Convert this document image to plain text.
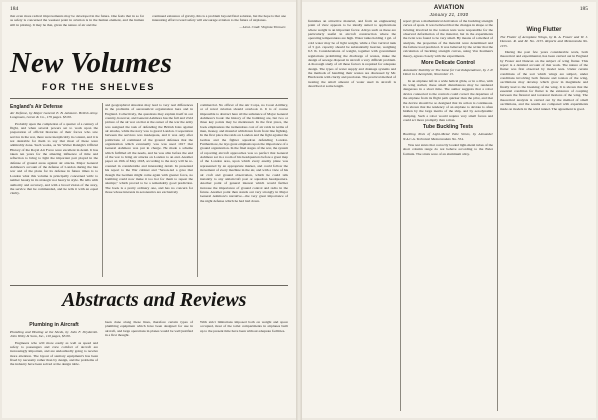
184

that even more radical improvements may be developed in the future. One feels that in so far as safety is concerned the weakest point in aviation is in the human element, and the human still in piloting. It may be that, given the nature of air and the

continued existence of gravity, this is a problem beyond final solution, but the hope is that one interesting effort toward safety will encourage aviation to the future of airplanes.

—Lieut. Cmdr. Virginia Thrower.

New Volumes
FOR THE SHELVES
England's Air Defense
Air Defense, by Major General E. B. Ashmore. British Army. Longmans, Green & Co., 179 pages. $3.00.

Probably upon the completion of a quarter of a century of flight, and when several powers set to work upon the preparation of official histories of their forces who saw service in the war, there were inexplicably in content, and it is not desirable for them to say that most of these were admirably done. Such works, as Sir Walter Raleigh's Official History of the Royal Air Force were excellent in detail. It has taken ten years for the amazing influence of time and reflection to bring to light the important part played in the defense of ground areas against air attacks. Major General Ashmore's account of the defense of London during the late war and of the plans for its defense in future times is to London what this volume is principally concerned with: to neither beauty in its strategic nor heavy in style. He tells with authority and accuracy, and with a broad vision of the story, the service that he commanded, and he tells it with an equal clarity.

and geographical situation may lead to very real differences in the problems of aeronautical organization here and in England. Collectively, the questions may explain itself in our country, however, and General Ashmore has the full and vivid picture of the air war on that at the outset of the war the army was assigned the task of defending the British Isles against air attacks, while the navy was to guard London. Cooperation between the services was inadequate, and it was only after politicians of command of the ground defenses that the organization which eventually was was used 1917 that General Ashmore was put in charge. He made a scheme which fulfilled all the needs, and he was able before the end of the war to bring air attacks on London to an end. Another paper on 19th of May 1918, according to the story will be re-counted in considerable and interesting detail. In presented his report to the War cabinet and "Saxon-led a gave that though the German might come again with greater force, no bombing could now make it too hot for them to repeat the attempt," which proved to be a remarkably good prediction. The book is a pretty ordinary one, and has no concern for those whose interests in aeronautics are exclusively

commercial. No officer of the Air Corps, no Coast Artillery, or of naval aviation should overlook it. It is of course impossible to abstract here all the substance of Major General Ashmore's book: the history of the bombing are, but two or three key points may be mentioned. In the first place, the book emphasizes the tremendous cost of air raids in terms of men, money, and material withdrawn from front line fighting. In the first place the raids on London and the fight against the Gothas and the fighter squadron defending London. Furthermore, he lays great emphasis upon the importance of a ground organization. In the final stages of the war, the system of reporting aircraft approaches was so perfect that General Ashmore sat in a room of his headquarters before a great map of the London area, upon which every enemy plane was represented by an appropriate marker, and could follow the movement of every machine in the air, and with a view of his air craft and ground observation, which he could talk instantly to any antiaircraft post or squadron headquarters. Another point of general interest which would further increase the importance of ground control and radio in the future. Another point then stands out very strongly in Major General Ashmore's narrative—the very great importance of the night defense which he had laid down.

Abstracts and Reviews
Plumbing in Aircraft
Plumbing and Heating at the Sheds, by John F. Dryderoth. John Wiley & Sons, Inc., 110 pages, $3.00.

Engineers who will more easily as well as speed and safety to passengers and crew comfort of aircraft are increasingly important, and are undoubtedly going to receive more attention. The layout of sanitary equipment's has been fixed by necessity rather than by design, and the problems of the industry have been solved at the design table.

been done along these lines, therefore certain types of plumbing equipment which have been designed for use in aircraft, and large operations in planes would be well justified in a first thought.

With strict limitations imposed both on weight and space occupied, most of the toilet compartments in airplanes built up to the present time have been without adequate facilities.

AVIATION
January 21, 1930
185

furnishes an attractive material, and from an engineering point of view appears to be ideally suited to applications where weight is an important factor. Alloys such as these are particularly useful in aircraft construction where the operating temperatures are high. Water tanks holding 1 gal. of cold water may be of light weight, while a five vertical tank of 5 gal. capacity should be substantially heavier, weighing 6.3 lb. Considerations of weight, together with government regulations prohibiting the discharge of wastes, make the design of sewage disposal in aircraft a very difficult problem. A thorough study of all these factors is required for adequate design. The types of water supply and drainage systems and the methods of handling their wastes are discussed by Mr. Hardcastle with clarity and precision. The practical method of treating the small amount of water used in aircraft is described at some length.

report gives a mathematical derivation of the buckling strength curves of spars. It was believed that the changes in shape or the twisting involved in the torsion tests were responsible for the observed deformation of the material, but in the experiments the twist was found to be very small. By means of a method of analysis, the properties of the material were determined and the failure load predicted. It was believed by the writer that the calculation of buckling strength curves, using Von Karman's theory, agrees closely with the experiments.

More Delicate Control
Automatic Stability or The Same for Cat Independence, by J. P. Dinol in L'Aerophile, November 15.

In an airplane left in a wide helical glide, or in a dive, with its wing stalled, these small disturbances may be rendered dangerous in a short time. The author suggests that a robot device connected to the controls could correct the departure of the airplane from its flight path quicker than the pilot, and that the device should be so designed that its action is continuous. It is shown that the tendency of an airplane to deviate is often hidden by the large inertia of the ship, and by aerodynamic damping. Such a robot would require very small forces and could act more promptly than a man.

Tube Buckling Tests
Buckling Tests of Light-Metal Tube Struts, by Alexander N.A.C.A. Technical Memorandum No. 554.

Was test struts that correctly loaded light-metal tubes of the short column range do not behave according to the Euler formula. The struts were of an aluminum alloy.

Wing Flutter
The Flutter of Aeroplane Wings, by R. A. Frazer and W. J. Duncan. R. and M. No. 1155. Reports and Memoranda No. 1155.

During the past few years considerable work, both theoretical and experimental, has been carried out in England by Frazer and Duncan on the subject of wing flutter. This report is a detailed account of that work. The nature of the flutter was first observed by model tests. Under certain conditions of the sort which wings are subject, under conditions involving both flexure and torsion of the wing, oscillations may develop which grow in magnitude and finally lead to the breaking of the wing. It is shown that the essential condition for flutter is the existence of coupling between the flexural and torsional motions of the wing. The theoretical analysis is carried out by the method of small oscillations, and the results are compared with experiments made on models in the wind tunnel. The agreement is good.
